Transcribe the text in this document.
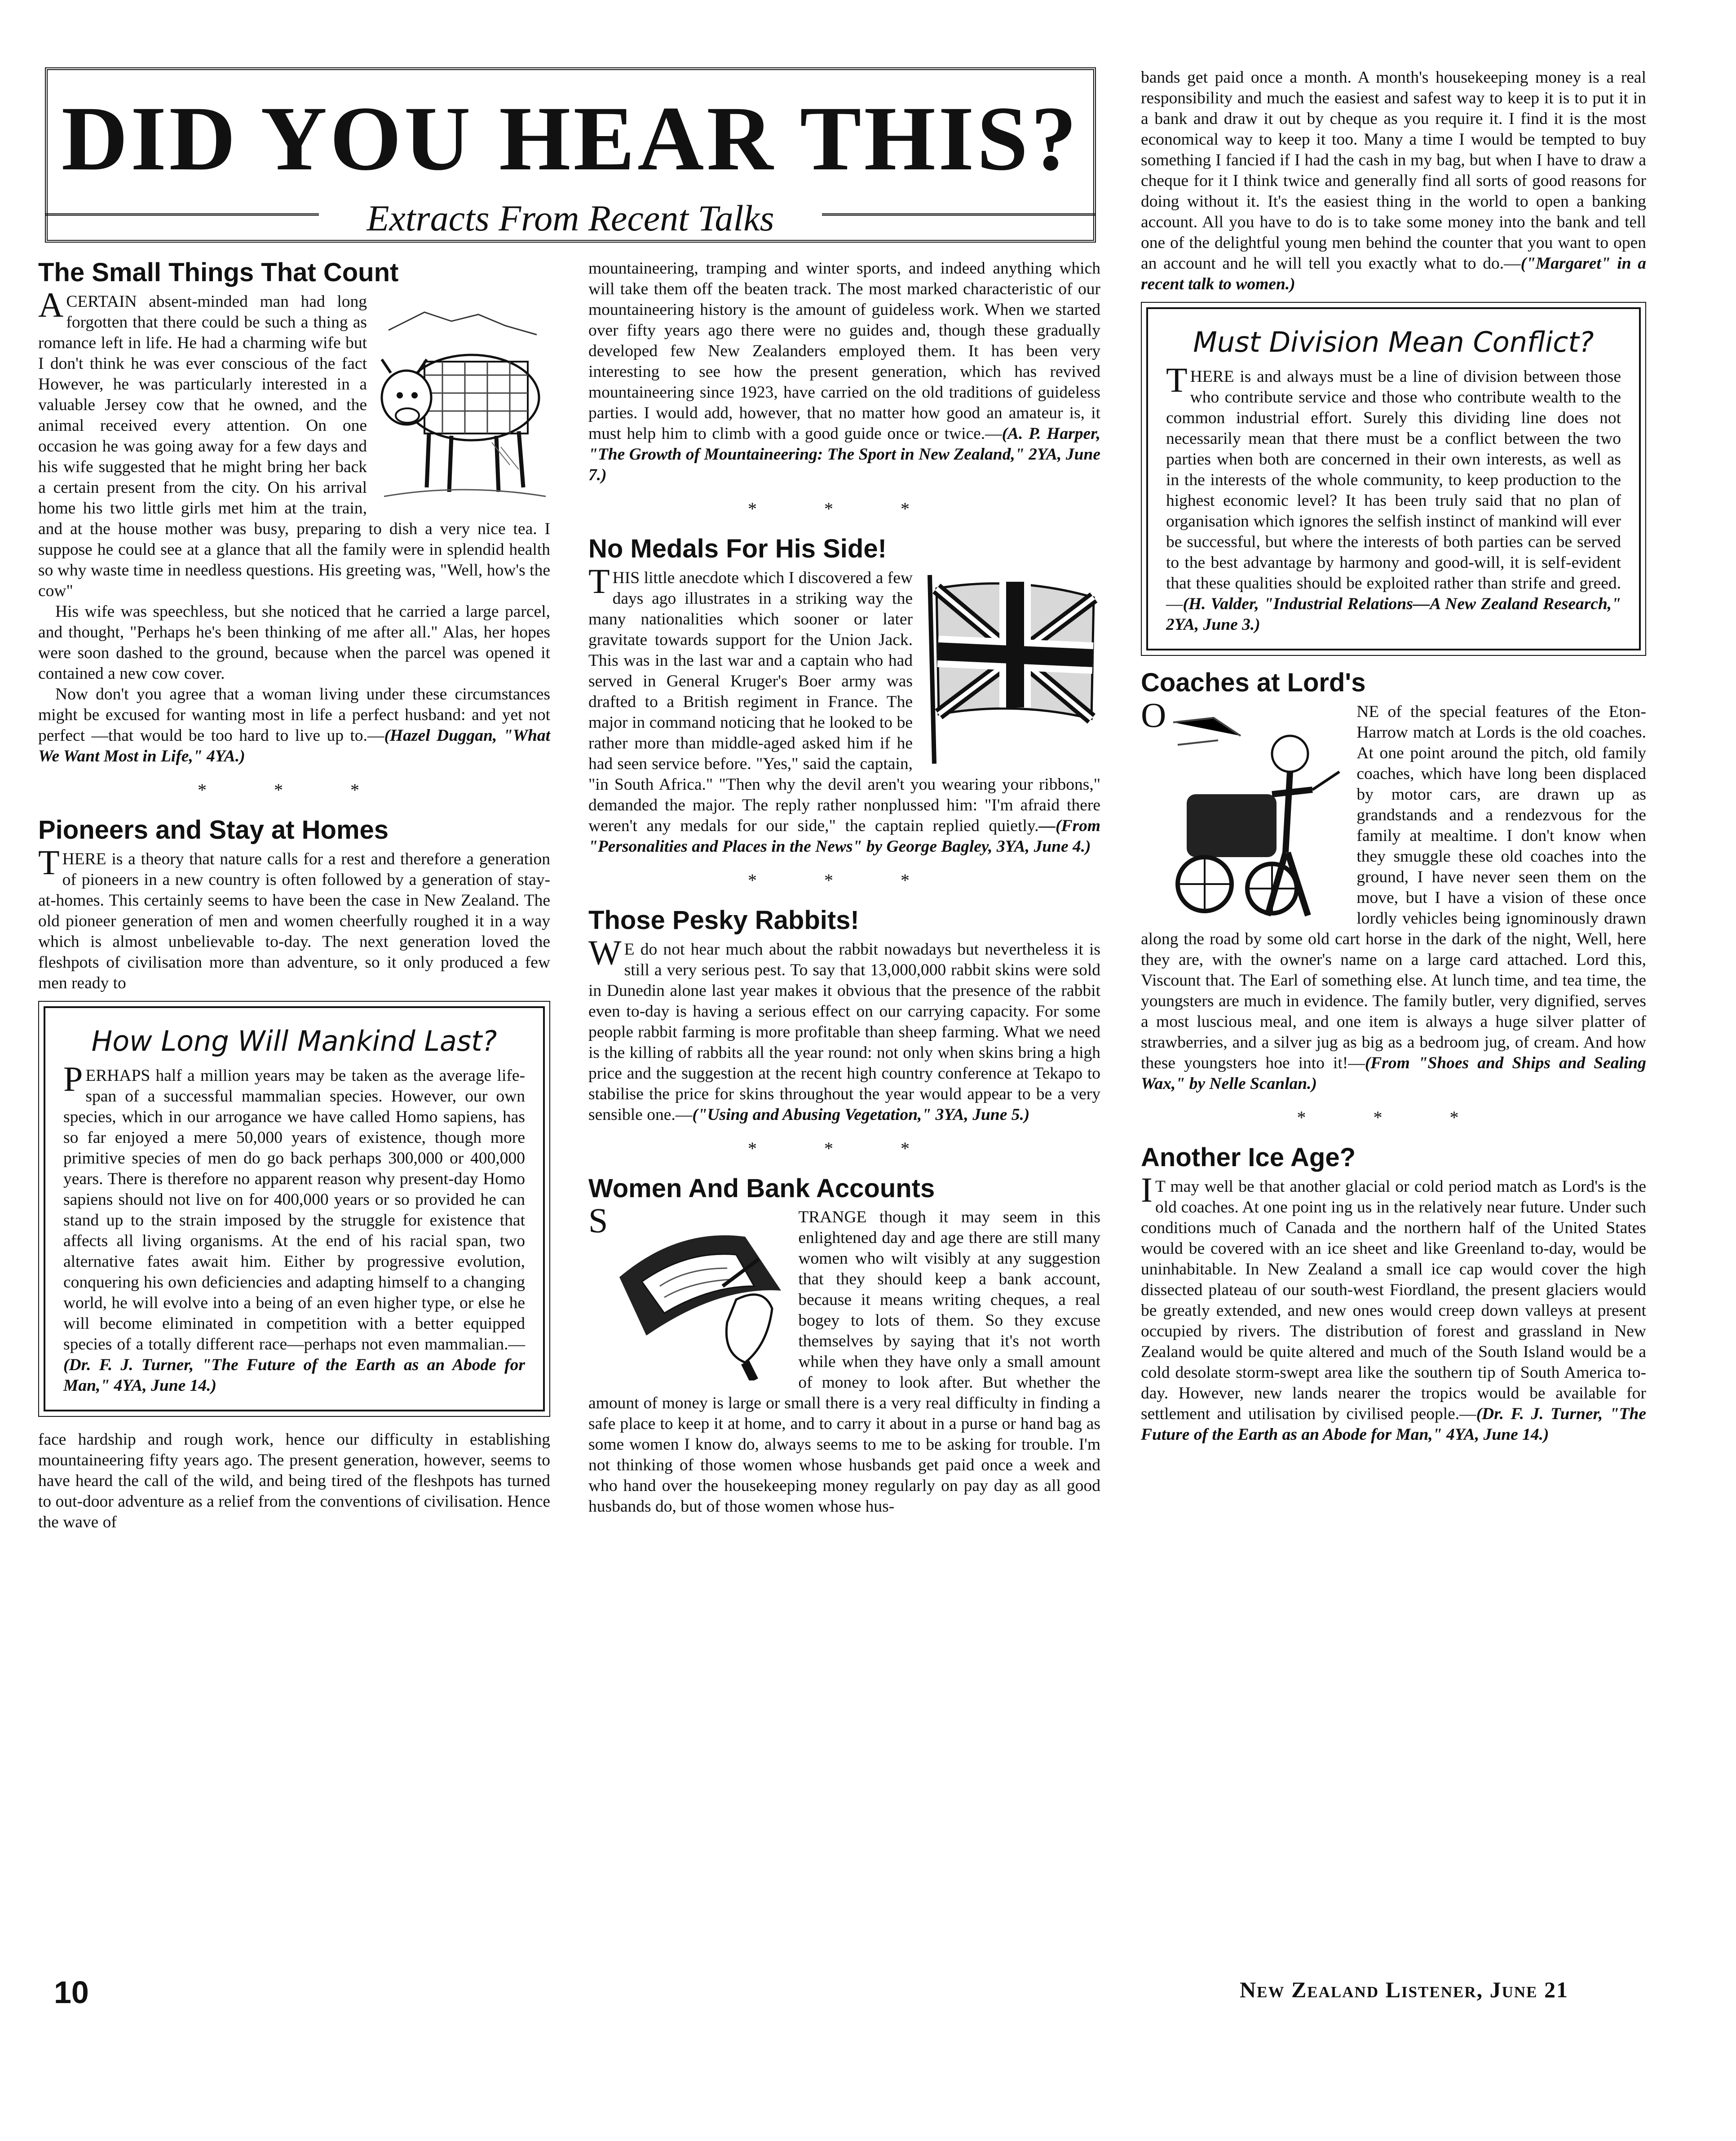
DID YOU HEAR THIS?
Extracts From Recent Talks
The Small Things That Count

A CERTAIN absent-minded man had long forgotten that there could be such a thing as romance left in life. He had a charming wife but I don't think he was ever conscious of the fact However, he was particularly interested in a valuable Jersey cow that he owned, and the animal received every attention. On one occasion he was going away for a few days and his wife suggested that he might bring her back a certain present from the city. On his arrival home his two little girls met him at the train, and at the house mother was busy, preparing to dish a very nice tea. I suppose he could see at a glance that all the family were in splendid health so why waste time in needless questions. His greeting was, "Well, how's the cow"

His wife was speechless, but she noticed that he carried a large parcel, and thought, "Perhaps he's been thinking of me after all." Alas, her hopes were soon dashed to the ground, because when the parcel was opened it contained a new cow cover.

Now don't you agree that a woman living under these circumstances might be excused for wanting most in life a perfect husband: and yet not perfect —that would be too hard to live up to.—(Hazel Duggan, "What We Want Most in Life," 4YA.)

* * *
Pioneers and Stay at Homes

THERE is a theory that nature calls for a rest and therefore a generation of pioneers in a new country is often followed by a generation of stay-at-homes. This certainly seems to have been the case in New Zealand. The old pioneer generation of men and women cheerfully roughed it in a way which is almost unbelievable to-day. The next generation loved the fleshpots of civilisation more than adventure, so it only produced a few men ready to

How Long Will Mankind Last?

PERHAPS half a million years may be taken as the average life-span of a successful mammalian species. However, our own species, which in our arrogance we have called Homo sapiens, has so far enjoyed a mere 50,000 years of existence, though more primitive species of men do go back perhaps 300,000 or 400,000 years. There is therefore no apparent reason why present-day Homo sapiens should not live on for 400,000 years or so provided he can stand up to the strain imposed by the struggle for existence that affects all living organisms. At the end of his racial span, two alternative fates await him. Either by progressive evolution, conquering his own deficiencies and adapting himself to a changing world, he will evolve into a being of an even higher type, or else he will become eliminated in competition with a better equipped species of a totally different race—perhaps not even mammalian.—(Dr. F. J. Turner, "The Future of the Earth as an Abode for Man," 4YA, June 14.)

face hardship and rough work, hence our difficulty in establishing mountaineering fifty years ago. The present generation, however, seems to have heard the call of the wild, and being tired of the fleshpots has turned to out-door adventure as a relief from the conventions of civilisation. Hence the wave of

mountaineering, tramping and winter sports, and indeed anything which will take them off the beaten track. The most marked characteristic of our mountaineering history is the amount of guideless work. When we started over fifty years ago there were no guides and, though these gradually developed few New Zealanders employed them. It has been very interesting to see how the present generation, which has revived mountaineering since 1923, have carried on the old traditions of guideless parties. I would add, however, that no matter how good an amateur is, it must help him to climb with a good guide once or twice.—(A. P. Harper, "The Growth of Mountaineering: The Sport in New Zealand," 2YA, June 7.)

* * *
No Medals For His Side!

T HIS little anecdote which I discovered a few days ago illustrates in a striking way the many nationalities which sooner or later gravitate towards support for the Union Jack. This was in the last war and a captain who had served in General Kruger's Boer army was drafted to a British regiment in France. The major in command noticing that he looked to be rather more than middle-aged asked him if he had seen service before. "Yes," said the captain, "in South Africa." "Then why the devil aren't you wearing your ribbons," demanded the major. The reply rather nonplussed him: "I'm afraid there weren't any medals for our side," the captain replied quietly.—(From "Personalities and Places in the News" by George Bagley, 3YA, June 4.)

* * *
Those Pesky Rabbits!

W E do not hear much about the rabbit nowadays but nevertheless it is still a very serious pest. To say that 13,000,000 rabbit skins were sold in Dunedin alone last year makes it obvious that the presence of the rabbit even to-day is having a serious effect on our carrying capacity. For some people rabbit farming is more profitable than sheep farming. What we need is the killing of rabbits all the year round: not only when skins bring a high price and the suggestion at the recent high country conference at Tekapo to stabilise the price for skins throughout the year would appear to be a very sensible one.—("Using and Abusing Vegetation," 3YA, June 5.)

* * *
Women And Bank Accounts

S	TRANGE though it may seem in this enlightened day and age there are still many women who wilt visibly at any suggestion that they should keep a bank account, because it means writing cheques, a real bogey to lots of them. So they excuse themselves by saying that it's not worth while when they have only a small amount of money to look after. But whether the amount of money is large or small there is a very real difficulty in finding a safe place to keep it at home, and to carry it about in a purse or hand bag as some women I know do, always seems to me to be asking for trouble. I'm not thinking of those women whose husbands get paid once a week and who hand over the housekeeping money regularly on pay day as all good husbands do, but of those women whose hus-

bands get paid once a month. A month's housekeeping money is a real responsibility and much the easiest and safest way to keep it is to put it in a bank and draw it out by cheque as you require it. I find it is the most economical way to keep it too. Many a time I would be tempted to buy something I fancied if I had the cash in my bag, but when I have to draw a cheque for it I think twice and generally find all sorts of good reasons for doing without it. It's the easiest thing in the world to open a banking account. All you have to do is to take some money into the bank and tell one of the delightful young men behind the counter that you want to open an account and he will tell you exactly what to do.—("Margaret" in a recent talk to women.)

Must Division Mean Conflict?

THERE is and always must be a line of division between those who contribute service and those who contribute wealth to the common industrial effort. Surely this dividing line does not necessarily mean that there must be a conflict between the two parties when both are concerned in their own interests, as well as in the interests of the whole community, to keep production to the highest economic level? It has been truly said that no plan of organisation which ignores the selfish instinct of mankind will ever be successful, but where the interests of both parties can be served to the best advantage by harmony and good-will, it is self-evident that these qualities should be exploited rather than strife and greed.—(H. Valder, "Industrial Relations—A New Zealand Research," 2YA, June 3.)

Coaches at Lord's

O	NE of the special features of the Eton-Harrow match at Lords is the old coaches. At one point around the pitch, old family coaches, which have long been displaced by motor cars, are drawn up as grandstands and a rendezvous for the family at mealtime. I don't know when they smuggle these old coaches into the ground, I have never seen them on the move, but I have a vision of these once lordly vehicles being ignominously drawn along the road by some old cart horse in the dark of the night, Well, here they are, with the owner's name on a large card attached. Lord this, Viscount that. The Earl of something else. At lunch time, and tea time, the youngsters are much in evidence. The family butler, very dignified, serves a most luscious meal, and one item is always a huge silver platter of strawberries, and a silver jug as big as a bedroom jug, of cream. And how these youngsters hoe into it!—(From "Shoes and Ships and Sealing Wax," by Nelle Scanlan.)

* * *
Another Ice Age?

I T may well be that another glacial or cold period match as Lord's is the old coaches. At one point ing us in the relatively near future. Under such conditions much of Canada and the northern half of the United States would be covered with an ice sheet and like Greenland to-day, would be uninhabitable. In New Zealand a small ice cap would cover the high dissected plateau of our south-west Fiordland, the present glaciers would be greatly extended, and new ones would creep down valleys at present occupied by rivers. The distribution of forest and grassland in New Zealand would be quite altered and much of the South Island would be a cold desolate storm-swept area like the southern tip of South America to-day. However, new lands nearer the tropics would be available for settlement and utilisation by civilised people.—(Dr. F. J. Turner, "The Future of the Earth as an Abode for Man," 4YA, June 14.)

10	New Zealand Listener, June 21
